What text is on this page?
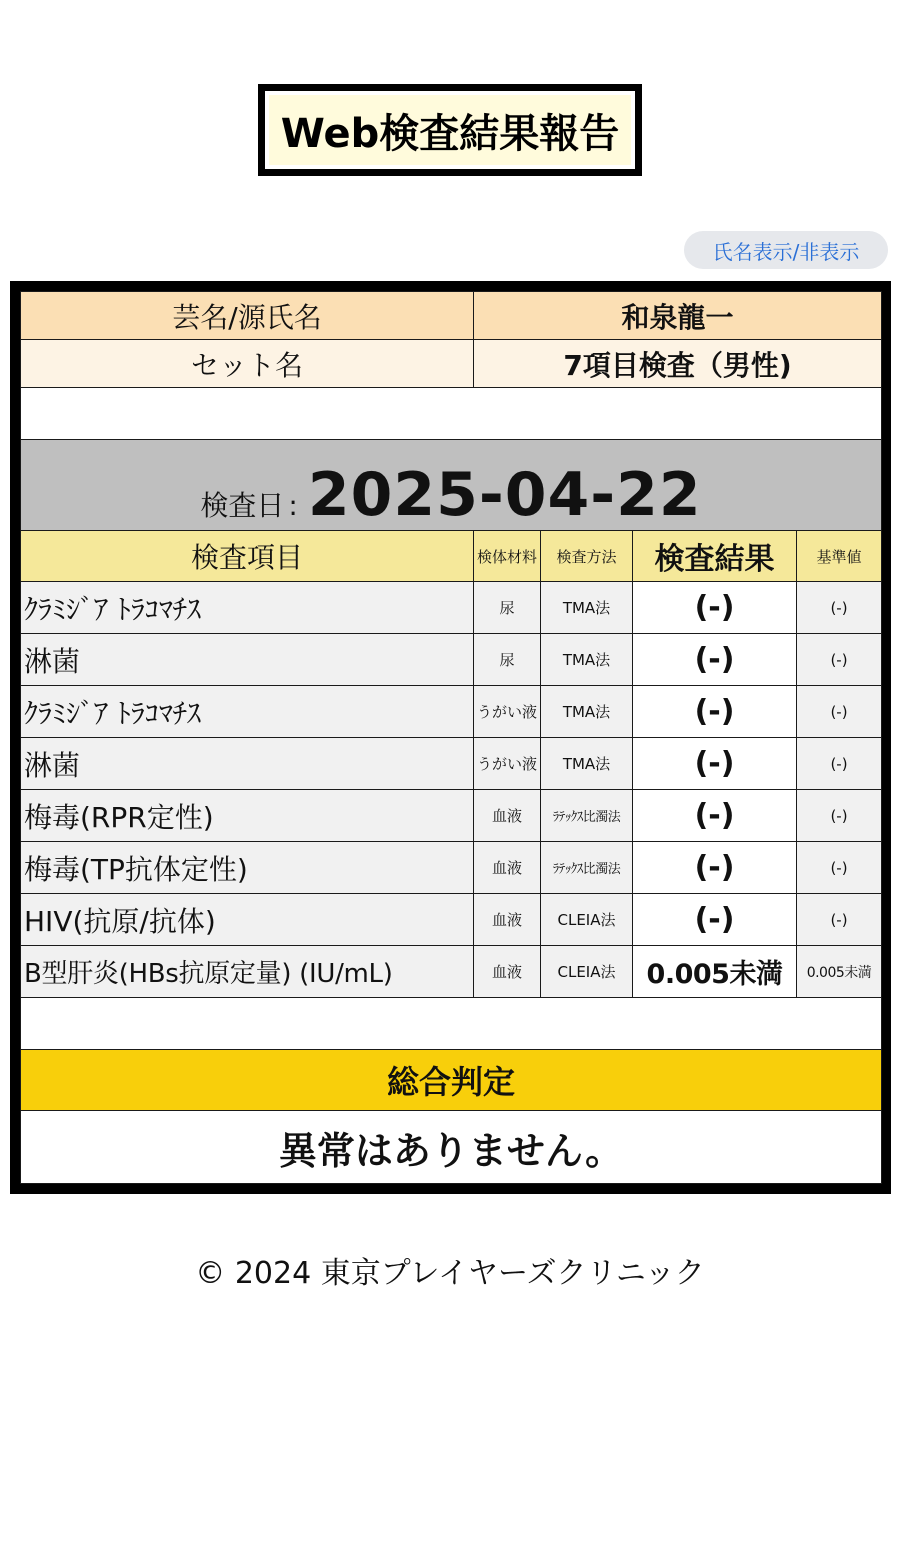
Web検査結果報告
氏名表示/非表示
芸名/源氏名	和泉龍一			
セット名	7項目検査（男性)			

検査日 : 2025-04-22				
検査項目	検体材料	検査方法	検査結果	基準値
ｸﾗﾐｼﾞｱ ﾄﾗｺﾏﾁｽ	尿	TMA法	(-)	(-)
淋菌	尿	TMA法	(-)	(-)
ｸﾗﾐｼﾞｱ ﾄﾗｺﾏﾁｽ	うがい液	TMA法	(-)	(-)
淋菌	うがい液	TMA法	(-)	(-)
梅毒(RPR定性)	血液	ﾗﾃｯｸｽ比濁法	(-)	(-)
梅毒(TP抗体定性)	血液	ﾗﾃｯｸｽ比濁法	(-)	(-)
HIV(抗原/抗体)	血液	CLEIA法	(-)	(-)
B型肝炎(HBs抗原定量) (IU/mL)	血液	CLEIA法	0.005未満	0.005未満

総合判定				
異常はありません。				
© 2024 東京プレイヤーズクリニック
